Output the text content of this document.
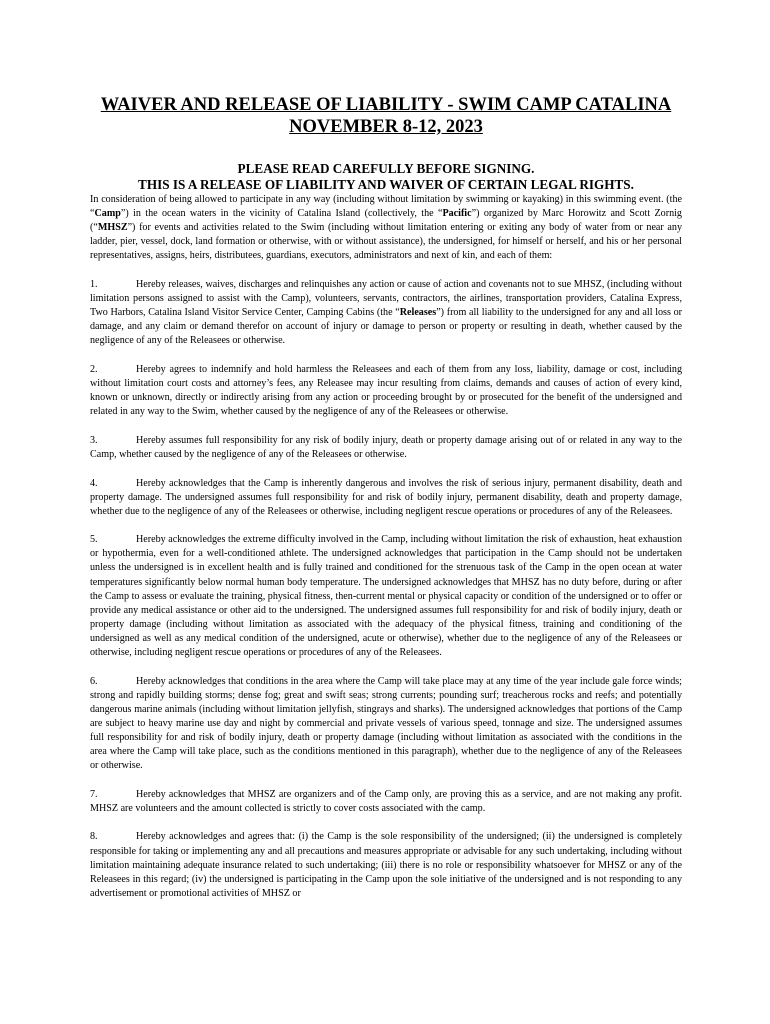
WAIVER AND RELEASE OF LIABILITY - SWIM CAMP CATALINA
NOVEMBER 8-12, 2023

PLEASE READ CAREFULLY BEFORE SIGNING.

THIS IS A RELEASE OF LIABILITY AND WAIVER OF CERTAIN LEGAL RIGHTS.

In consideration of being allowed to participate in any way (including without limitation by swimming or kayaking) in this swimming event. (the “Camp”) in the ocean waters in the vicinity of Catalina Island (collectively, the “Pacific”) organized by Marc Horowitz and Scott Zornig (“MHSZ”) for events and activities related to the Swim (including without limitation entering or exiting any body of water from or near any ladder, pier, vessel, dock, land formation or otherwise, with or without assistance), the undersigned, for himself or herself, and his or her personal representatives, assigns, heirs, distributees, guardians, executors, administrators and next of kin, and each of them:

1.	Hereby releases, waives, discharges and relinquishes any action or cause of action and covenants not to sue MHSZ, (including without limitation persons assigned to assist with the Camp), volunteers, servants, contractors, the airlines, transportation providers, Catalina Express, Two Harbors, Catalina Island Visitor Service Center, Camping Cabins (the “Releases”) from all liability to the undersigned for any and all loss or damage, and any claim or demand therefor on account of injury or damage to person or property or resulting in death, whether caused by the negligence of any of the Releasees or otherwise.

2.	Hereby agrees to indemnify and hold harmless the Releasees and each of them from any loss, liability, damage or cost, including without limitation court costs and attorney’s fees, any Releasee may incur resulting from claims, demands and causes of action of every kind, known or unknown, directly or indirectly arising from any action or proceeding brought by or prosecuted for the benefit of the undersigned and related in any way to the Swim, whether caused by the negligence of any of the Releasees or otherwise.

3.	Hereby assumes full responsibility for any risk of bodily injury, death or property damage arising out of or related in any way to the Camp, whether caused by the negligence of any of the Releasees or otherwise.

4.	Hereby acknowledges that the Camp is inherently dangerous and involves the risk of serious injury, permanent disability, death and property damage. The undersigned assumes full responsibility for and risk of bodily injury, permanent disability, death and property damage, whether due to the negligence of any of the Releasees or otherwise, including negligent rescue operations or procedures of any of the Releasees.

5.	Hereby acknowledges the extreme difficulty involved in the Camp, including without limitation the risk of exhaustion, heat exhaustion or hypothermia, even for a well-conditioned athlete. The undersigned acknowledges that participation in the Camp should not be undertaken unless the undersigned is in excellent health and is fully trained and conditioned for the strenuous task of the Camp in the open ocean at water temperatures significantly below normal human body temperature. The undersigned acknowledges that MHSZ has no duty before, during or after the Camp to assess or evaluate the training, physical fitness, then-current mental or physical capacity or condition of the undersigned or to offer or provide any medical assistance or other aid to the undersigned. The undersigned assumes full responsibility for and risk of bodily injury, death or property damage (including without limitation as associated with the adequacy of the physical fitness, training and conditioning of the undersigned as well as any medical condition of the undersigned, acute or otherwise), whether due to the negligence of any of the Releasees or otherwise, including negligent rescue operations or procedures of any of the Releasees.

6.	Hereby acknowledges that conditions in the area where the Camp will take place may at any time of the year include gale force winds; strong and rapidly building storms; dense fog; great and swift seas; strong currents; pounding surf; treacherous rocks and reefs; and potentially dangerous marine animals (including without limitation jellyfish, stingrays and sharks). The undersigned acknowledges that portions of the Camp are subject to heavy marine use day and night by commercial and private vessels of various speed, tonnage and size. The undersigned assumes full responsibility for and risk of bodily injury, death or property damage (including without limitation as associated with the conditions in the area where the Camp will take place, such as the conditions mentioned in this paragraph), whether due to the negligence of any of the Releasees or otherwise.

7.	Hereby acknowledges that MHSZ are organizers and of the Camp only, are proving this as a service, and are not making any profit. MHSZ are volunteers and the amount collected is strictly to cover costs associated with the camp.

8.	Hereby acknowledges and agrees that: (i) the Camp is the sole responsibility of the undersigned; (ii) the undersigned is completely responsible for taking or implementing any and all precautions and measures appropriate or advisable for any such undertaking, including without limitation maintaining adequate insurance related to such undertaking; (iii) there is no role or responsibility whatsoever for MHSZ or any of the Releasees in this regard; (iv) the undersigned is participating in the Camp upon the sole initiative of the undersigned and is not responding to any advertisement or promotional activities of MHSZ or
